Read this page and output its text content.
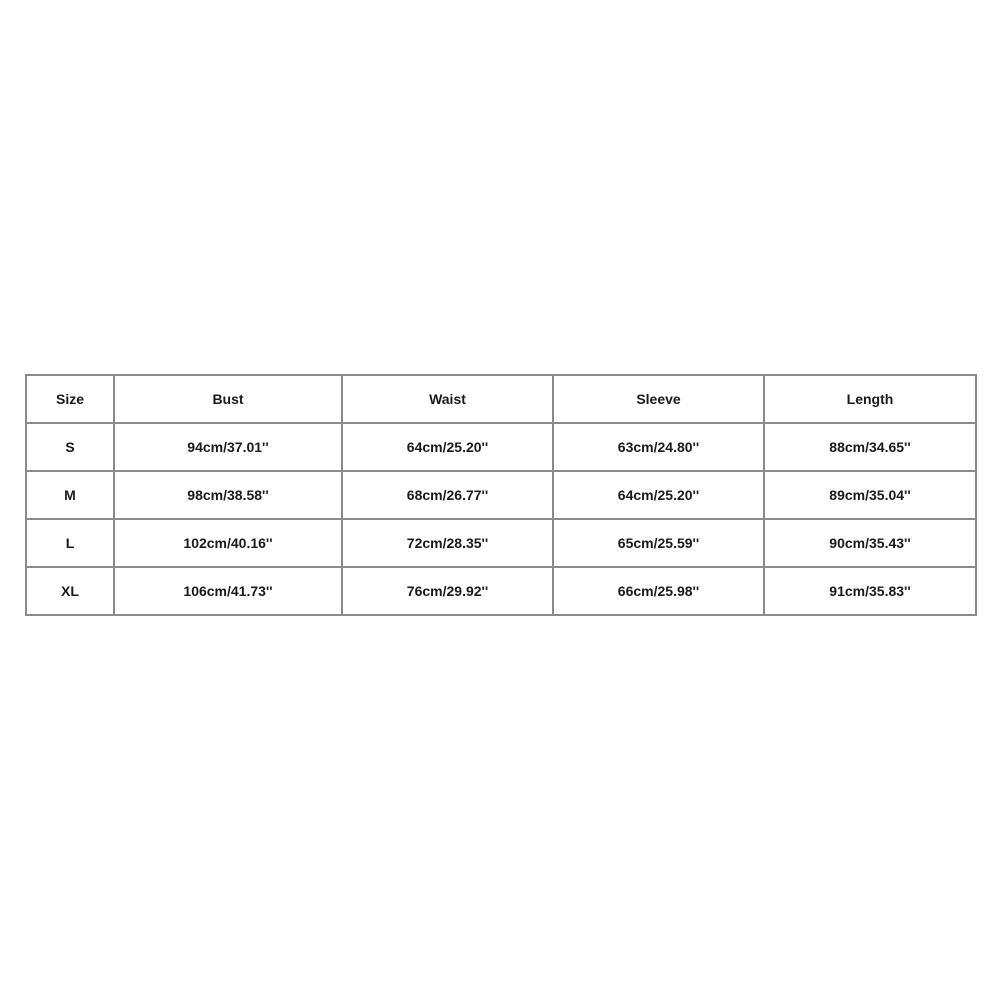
Size	Bust	Waist	Sleeve	Length
S	94cm/37.01''	64cm/25.20''	63cm/24.80''	88cm/34.65''
M	98cm/38.58''	68cm/26.77''	64cm/25.20''	89cm/35.04''
L	102cm/40.16''	72cm/28.35''	65cm/25.59''	90cm/35.43''
XL	106cm/41.73''	76cm/29.92''	66cm/25.98''	91cm/35.83''
